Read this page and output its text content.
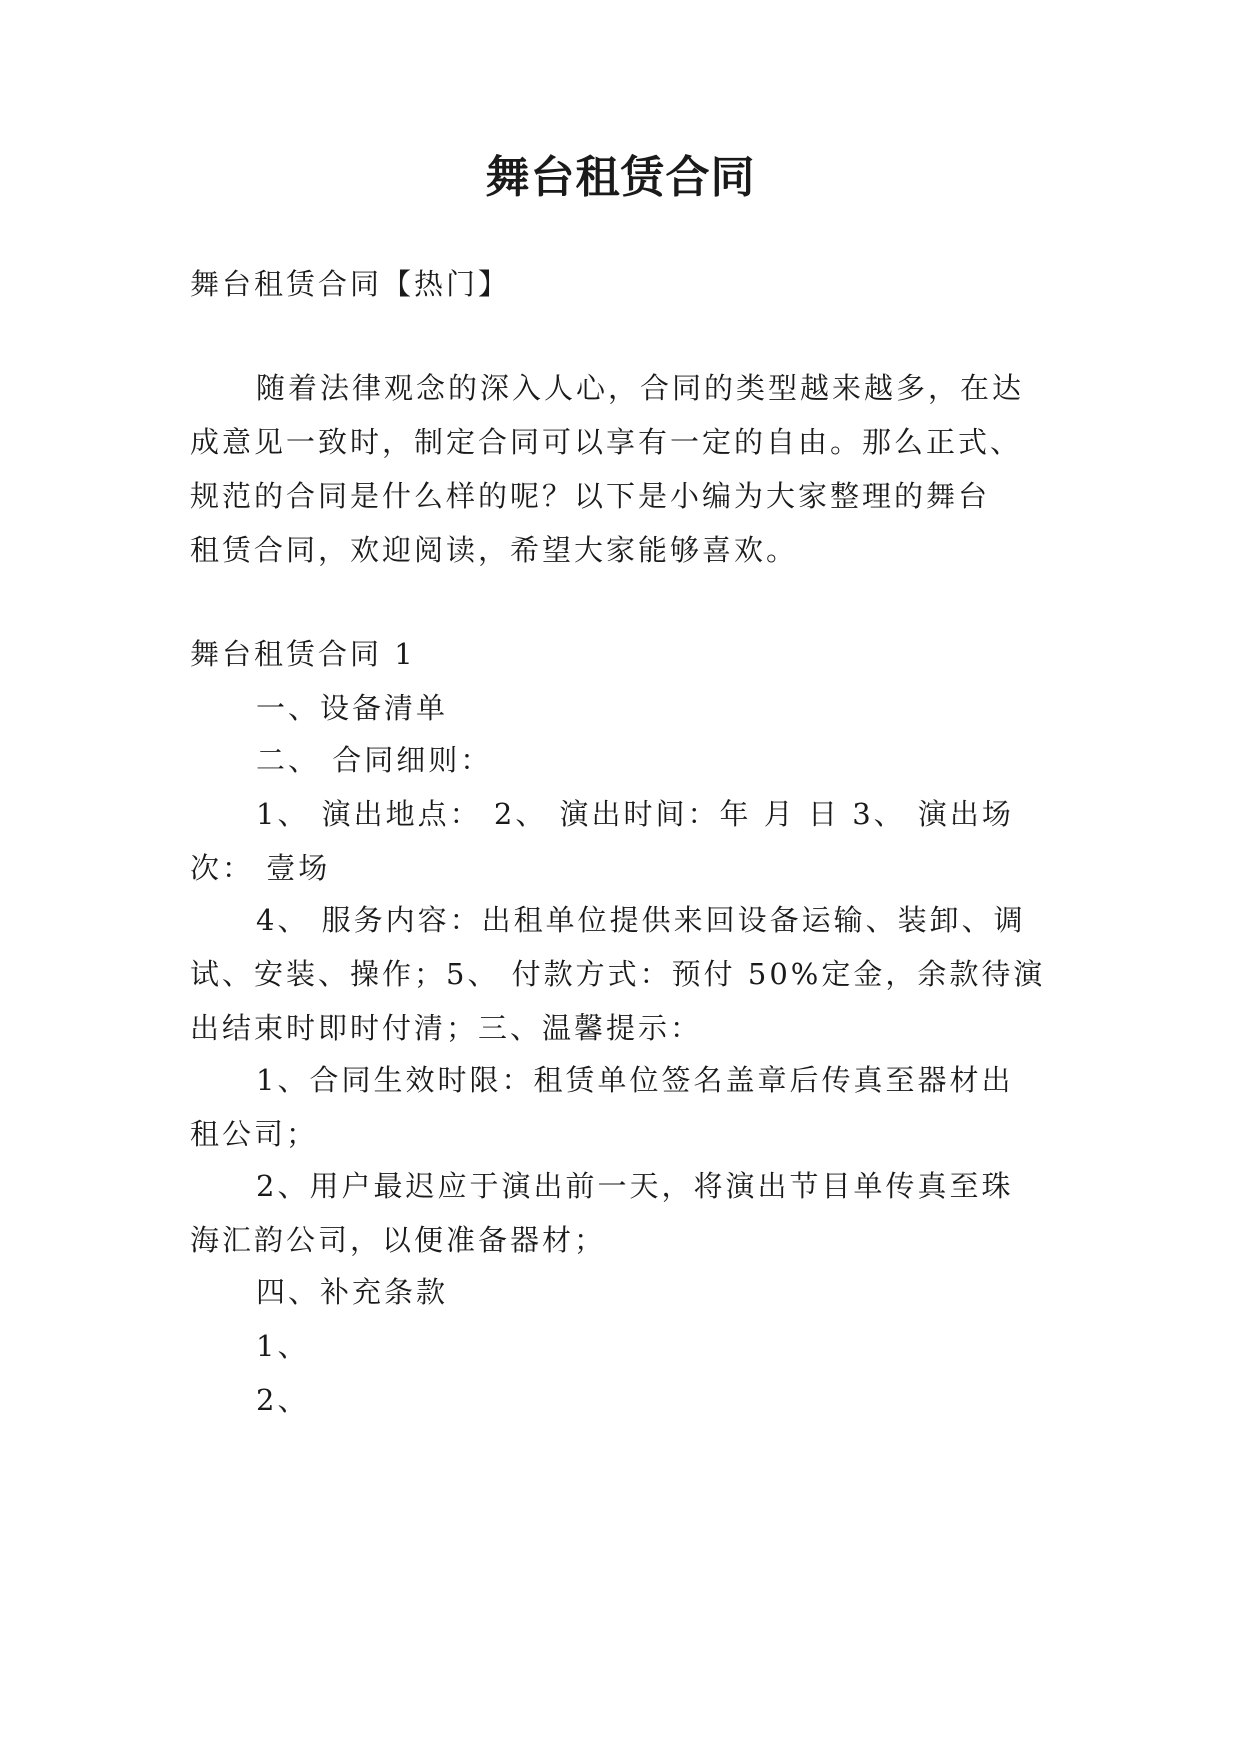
舞台租赁合同
舞台租赁合同【热门】
随着法律观念的深入人心，合同的类型越来越多，在达
成意见一致时，制定合同可以享有一定的自由。那么正式、
规范的合同是什么样的呢？以下是小编为大家整理的舞台
租赁合同，欢迎阅读，希望大家能够喜欢。
舞台租赁合同 1
一、设备清单
二、 合同细则：
1、 演出地点： 2、 演出时间：年 月 日 3、 演出场
次： 壹场
4、 服务内容：出租单位提供来回设备运输、装卸、调
试、安装、操作；5、 付款方式：预付 50%定金，余款待演
出结束时即时付清；三、温馨提示：
1、合同生效时限：租赁单位签名盖章后传真至器材出
租公司；
2、用户最迟应于演出前一天，将演出节目单传真至珠
海汇韵公司，以便准备器材；
四、补充条款
1、
2、
